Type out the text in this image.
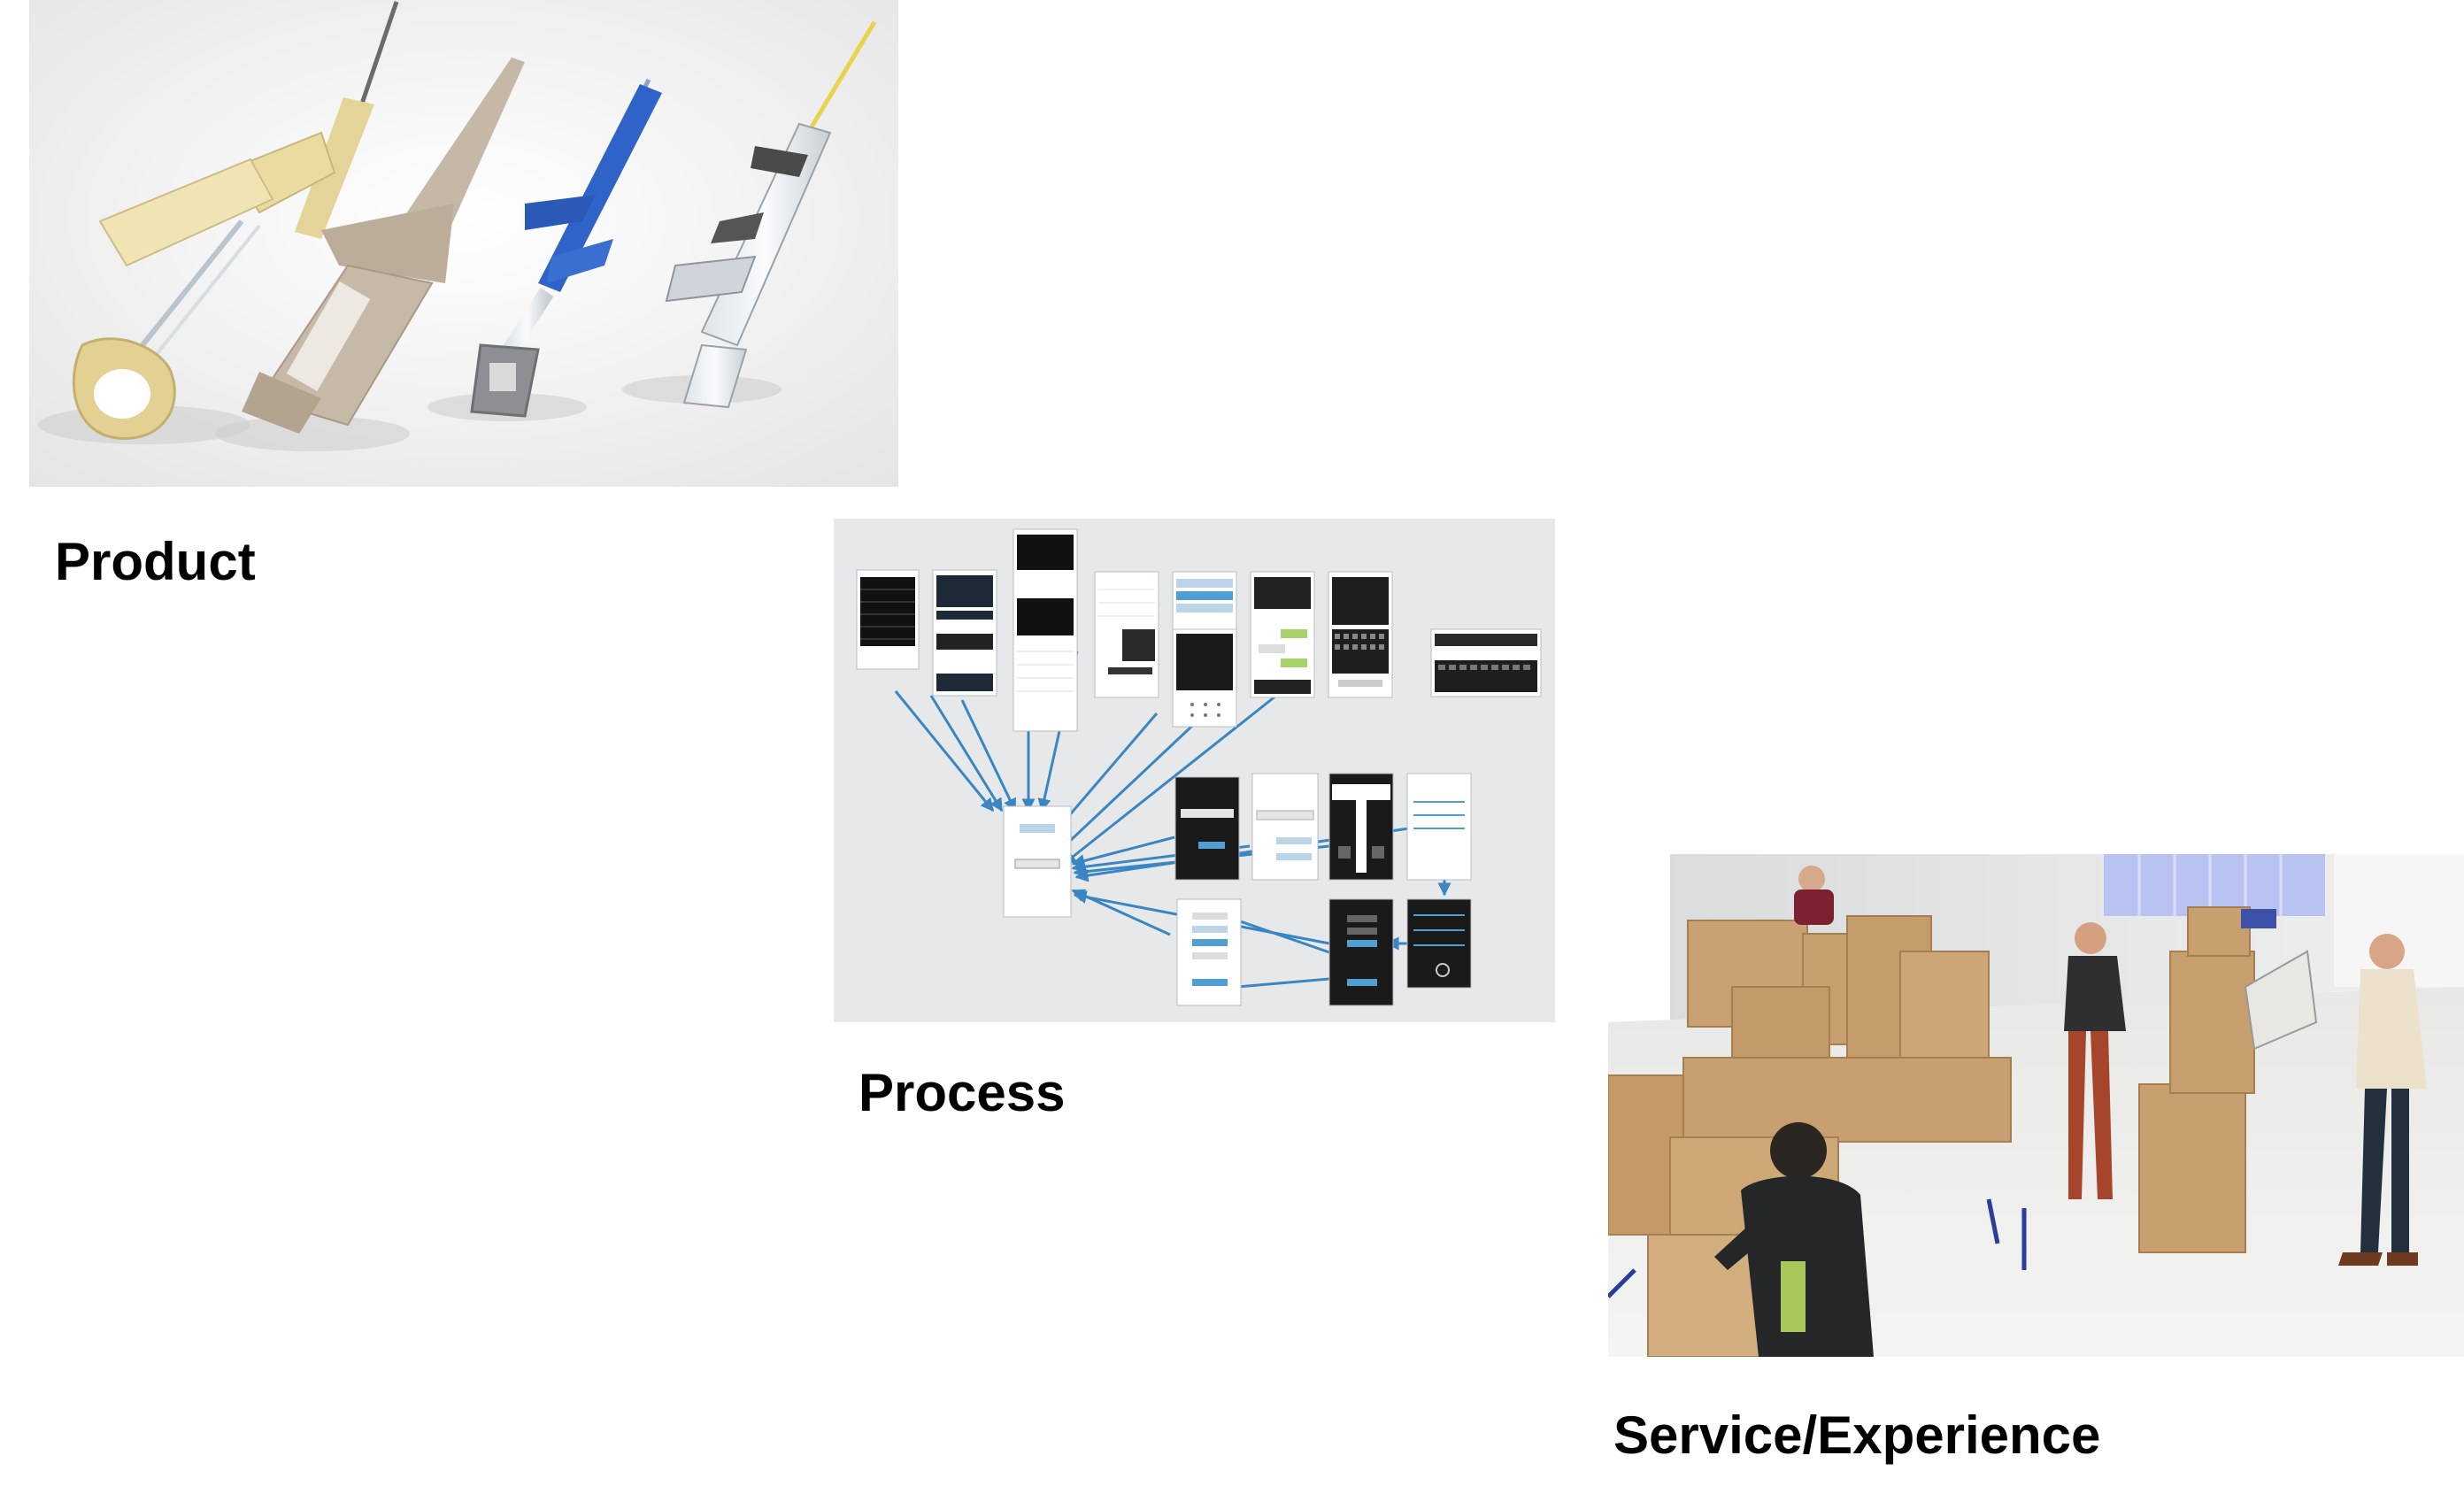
Product
Process
Service/Experience
